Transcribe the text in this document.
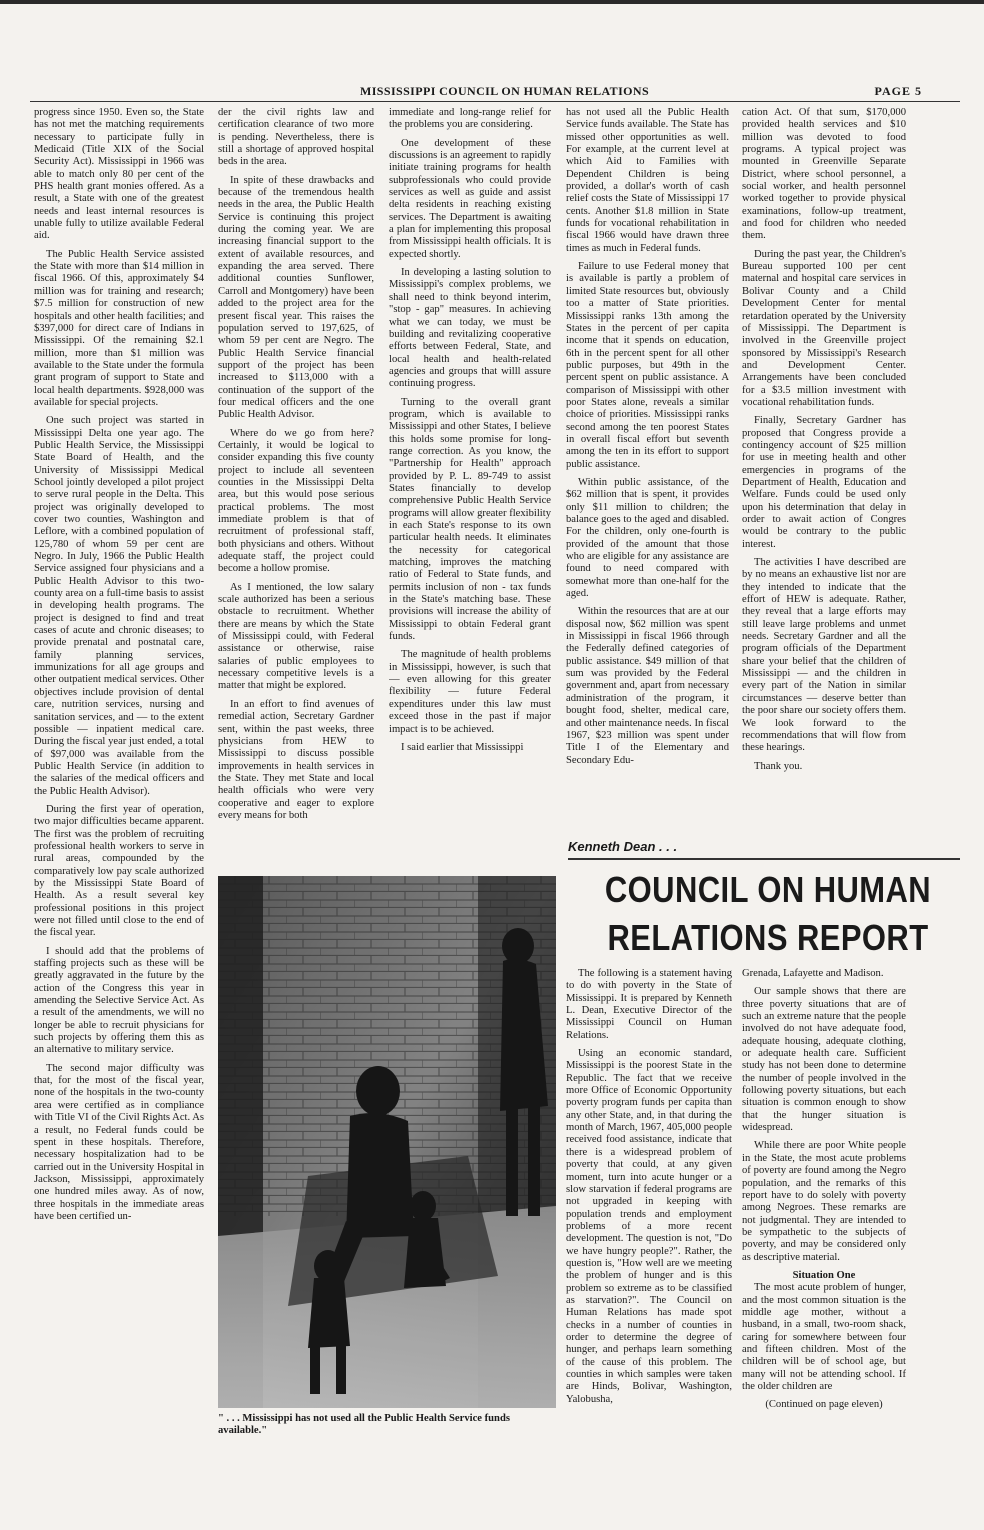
MISSISSIPPI COUNCIL ON HUMAN RELATIONS	PAGE 5

progress since 1950. Even so, the State has not met the matching requirements necessary to participate fully in Medicaid (Title XIX of the Social Security Act). Mississippi in 1966 was able to match only 80 per cent of the PHS health grant monies offered. As a result, a State with one of the greatest needs and least internal resources is unable fully to utilize available Federal aid.

The Public Health Service assisted the State with more than $14 million in fiscal 1966. Of this, approximately $4 million was for training and research; $7.5 million for construction of new hospitals and other health facilities; and $397,000 for direct care of Indians in Mississippi. Of the remaining $2.1 million, more than $1 million was available to the State under the formula grant program of support to State and local health departments. $928,000 was available for special projects.

One such project was started in Mississippi Delta one year ago. The Public Health Service, the Mississippi State Board of Health, and the University of Mississippi Medical School jointly developed a pilot project to serve rural people in the Delta. This project was originally developed to cover two counties, Washington and Leflore, with a combined population of 125,780 of whom 59 per cent are Negro. In July, 1966 the Public Health Service assigned four physicians and a Public Health Advisor to this two-county area on a full-time basis to assist in developing health programs. The project is designed to find and treat cases of acute and chronic diseases; to provide prenatal and postnatal care, family planning services, immunizations for all age groups and other outpatient medical services. Other objectives include provision of dental care, nutrition services, nursing and sanitation services, and — to the extent possible — inpatient medical care. During the fiscal year just ended, a total of $97,000 was available from the Public Health Service (in addition to the salaries of the medical officers and the Public Health Advisor).

During the first year of operation, two major difficulties became apparent. The first was the problem of recruiting professional health workers to serve in rural areas, compounded by the comparatively low pay scale authorized by the Mississippi State Board of Health. As a result several key professional positions in this project were not filled until close to the end of the fiscal year.

I should add that the problems of staffing projects such as these will be greatly aggravated in the future by the action of the Congress this year in amending the Selective Service Act. As a result of the amendments, we will no longer be able to recruit physicians for such projects by offering them this as an alternative to military service.

The second major difficulty was that, for the most of the fiscal year, none of the hospitals in the two-county area were certified as in compliance with Title VI of the Civil Rights Act. As a result, no Federal funds could be spent in these hospitals. Therefore, necessary hospitalization had to be carried out in the University Hospital in Jackson, Mississippi, approximately one hundred miles away. As of now, three hospitals in the immediate areas have been certified un-

der the civil rights law and certification clearance of two more is pending. Nevertheless, there is still a shortage of approved hospital beds in the area.

In spite of these drawbacks and because of the tremendous health needs in the area, the Public Health Service is continuing this project during the coming year. We are increasing financial support to the extent of available resources, and expanding the area served. There additional counties Sunflower, Carroll and Montgomery) have been added to the project area for the present fiscal year. This raises the population served to 197,625, of whom 59 per cent are Negro. The Public Health Service financial support of the project has been increased to $113,000 with a continuation of the support of the four medical officers and the one Public Health Advisor.

Where do we go from here? Certainly, it would be logical to consider expanding this five county project to include all seventeen counties in the Mississippi Delta area, but this would pose serious practical problems. The most immediate problem is that of recruitment of professional staff, both physicians and others. Without adequate staff, the project could become a hollow promise.

As I mentioned, the low salary scale authorized has been a serious obstacle to recruitment. Whether there are means by which the State of Mississippi could, with Federal assistance or otherwise, raise salaries of public employees to necessary competitive levels is a matter that might be explored.

In an effort to find avenues of remedial action, Secretary Gardner sent, within the past weeks, three physicians from HEW to Mississippi to discuss possible improvements in health services in the State. They met State and local health officials who were very cooperative and eager to explore every means for both

immediate and long-range relief for the problems you are considering.

One development of these discussions is an agreement to rapidly initiate training programs for health subprofessionals who could provide services as well as guide and assist delta residents in reaching existing services. The Department is awaiting a plan for implementing this proposal from Mississippi health officials. It is expected shortly.

In developing a lasting solution to Mississippi's complex problems, we shall need to think beyond interim, "stop - gap" measures. In achieving what we can today, we must be building and revitalizing cooperative efforts between Federal, State, and local health and health-related agencies and groups that willl assure continuing progress.

Turning to the overall grant program, which is available to Mississippi and other States, I believe this holds some promise for long-range correction. As you know, the "Partnership for Health" approach provided by P. L. 89-749 to assist States financially to develop comprehensive Public Health Service programs will allow greater flexibility in each State's response to its own particular health needs. It eliminates the necessity for categorical matching, improves the matching ratio of Federal to State funds, and permits inclusion of non - tax funds in the State's matching base. These provisions will increase the ability of Mississippi to obtain Federal grant funds.

The magnitude of health problems in Mississippi, however, is such that — even allowing for this greater flexibility — future Federal expenditures under this law must exceed those in the past if major impact is to be achieved.

I said earlier that Mississippi

has not used all the Public Health Service funds available. The State has missed other opportunities as well. For example, at the current level at which Aid to Families with Dependent Children is being provided, a dollar's worth of cash relief costs the State of Mississippi 17 cents. Another $1.8 million in State funds for vocational rehabilitation in fiscal 1966 would have drawn three times as much in Federal funds.

Failure to use Federal money that is available is partly a problem of limited State resources but, obviously too a matter of State priorities. Mississippi ranks 13th among the States in the percent of per capita income that it spends on education, 6th in the percent spent for all other public purposes, but 49th in the percent spent on public assistance. A comparison of Mississippi with other poor States alone, reveals a similar choice of priorities. Mississippi ranks second among the ten poorest States in overall fiscal effort but seventh among the ten in its effort to support public assistance.

Within public assistance, of the $62 million that is spent, it provides only $11 million to children; the balance goes to the aged and disabled. For the children, only one-fourth is provided of the amount that those who are eligible for any assistance are found to need compared with somewhat more than one-half for the aged.

Within the resources that are at our disposal now, $62 million was spent in Mississippi in fiscal 1966 through the Federally defined categories of public assistance. $49 million of that sum was provided by the Federal government and, apart from necessary administration of the program, it bought food, shelter, medical care, and other maintenance needs. In fiscal 1967, $23 million was spent under Title I of the Elementary and Secondary Edu-

cation Act. Of that sum, $170,000 provided health services and $10 million was devoted to food programs. A typical project was mounted in Greenville Separate District, where school personnel, a social worker, and health personnel worked together to provide physical examinations, follow-up treatment, and food for children who needed them.

During the past year, the Children's Bureau supported 100 per cent maternal and hospital care services in Bolivar County and a Child Development Center for mental retardation operated by the University of Mississippi. The Department is involved in the Greenville project sponsored by Mississippi's Research and Development Center. Arrangements have been concluded for a $3.5 million investment with vocational rehabilitation funds.

Finally, Secretary Gardner has proposed that Congress provide a contingency account of $25 million for use in meeting health and other emergencies in programs of the Department of Health, Education and Welfare. Funds could be used only upon his determination that delay in order to await action of Congres would be contrary to the public interest.

The activities I have described are by no means an exhaustive list nor are they intended to indicate that the effort of HEW is adequate. Rather, they reveal that a large efforts may still leave large problems and unmet needs. Secretary Gardner and all the program officials of the Department share your belief that the children of Mississippi — and the children in every part of the Nation in similar circumstances — deserve better than the poor share our society offers them. We look forward to the recommendations that will flow from these hearings.

Thank you.

Kenneth Dean . . .
COUNCIL ON HUMAN
RELATIONS REPORT

The following is a statement having to do with poverty in the State of Mississippi. It is prepared by Kenneth L. Dean, Executive Director of the Mississippi Council on Human Relations.

Using an economic standard, Mississippi is the poorest State in the Republic. The fact that we receive more Office of Economic Opportunity poverty program funds per capita than any other State, and, in that during the month of March, 1967, 405,000 people received food assistance, indicate that there is a widespread problem of poverty that could, at any given moment, turn into acute hunger or a slow starvation if federal programs are not upgraded in keeping with population trends and employment problems of a more recent development. The question is not, "Do we have hungry people?". Rather, the question is, "How well are we meeting the problem of hunger and is this problem so extreme as to be classified as starvation?". The Council on Human Relations has made spot checks in a number of counties in order to determine the degree of hunger, and perhaps learn something of the cause of this problem. The counties in which samples were taken are Hinds, Bolivar, Washington, Yalobusha,

Grenada, Lafayette and Madison.

Our sample shows that there are three poverty situations that are of such an extreme nature that the people involved do not have adequate food, adequate housing, adequate clothing, or adequate health care. Sufficient study has not been done to determine the number of people involved in the following poverty situations, but each situation is common enough to show that the hunger situation is widespread.

While there are poor White people in the State, the most acute problems of poverty are found among the Negro population, and the remarks of this report have to do solely with poverty among Negroes. These remarks are not judgmental. They are intended to be sympathetic to the subjects of poverty, and may be considered only as descriptive material.

Situation One

The most acute problem of hunger, and the most common situation is the middle age mother, without a husband, in a small, two-room shack, caring for somewhere between four and fifteen children. Most of the children will be of school age, but many will not be attending school. If the older children are

(Continued on page eleven)
" . . . Mississippi has not used all the Public Health Service funds available."
